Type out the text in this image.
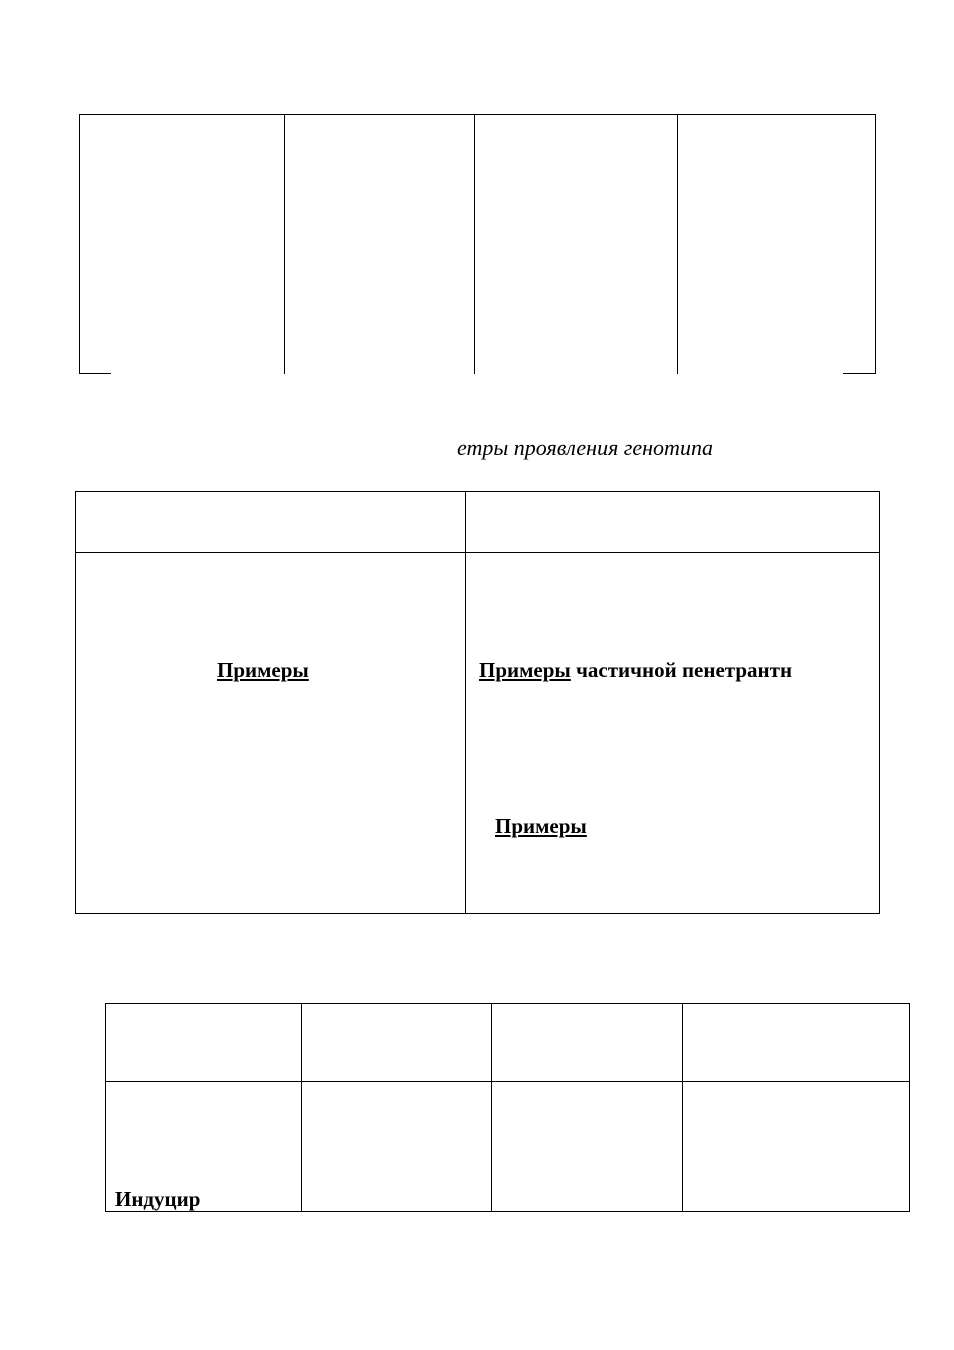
етры проявления генотипа
Примеры	Примеры частичной пенетрантн
Примеры
Индуцир
